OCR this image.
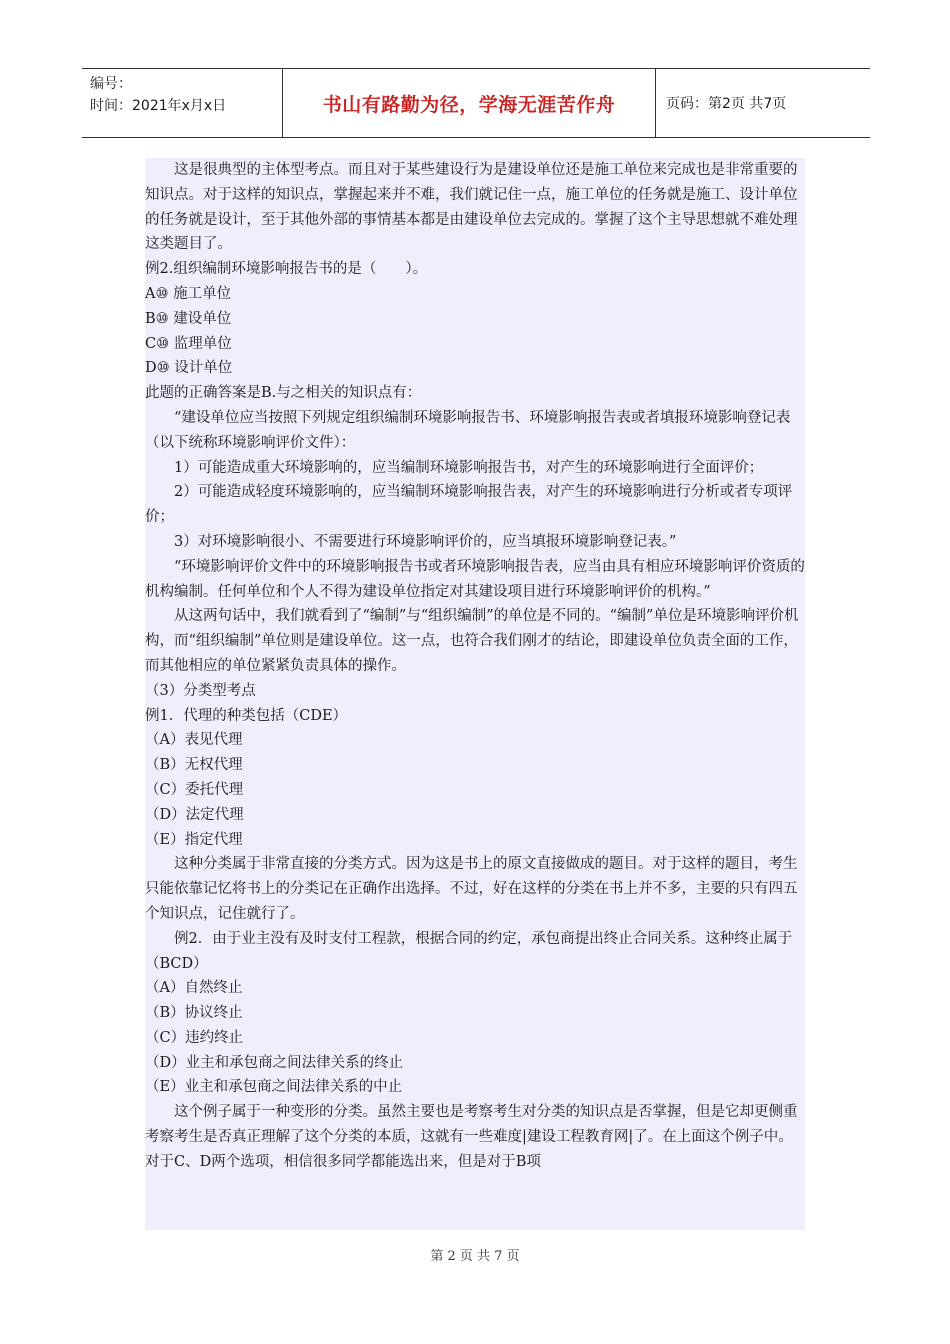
编号：
时间：2021年x月x日	书山有路勤为径，学海无涯苦作舟	页码：第2页 共7页

这是很典型的主体型考点。而且对于某些建设行为是建设单位还是施工单位来完成也是非常重要的知识点。对于这样的知识点，掌握起来并不难，我们就记住一点，施工单位的任务就是施工、设计单位的任务就是设计，至于其他外部的事情基本都是由建设单位去完成的。掌握了这个主导思想就不难处理这类题目了。

例2.组织编制环境影响报告书的是（　　）。

A⑩ 施工单位

B⑩ 建设单位

C⑩ 监理单位

D⑩ 设计单位

此题的正确答案是B.与之相关的知识点有：

“建设单位应当按照下列规定组织编制环境影响报告书、环境影响报告表或者填报环境影响登记表（以下统称环境影响评价文件）：

1）可能造成重大环境影响的，应当编制环境影响报告书，对产生的环境影响进行全面评价；

2）可能造成轻度环境影响的，应当编制环境影响报告表，对产生的环境影响进行分析或者专项评价；

3）对环境影响很小、不需要进行环境影响评价的，应当填报环境影响登记表。”

“环境影响评价文件中的环境影响报告书或者环境影响报告表，应当由具有相应环境影响评价资质的机构编制。任何单位和个人不得为建设单位指定对其建设项目进行环境影响评价的机构。”

从这两句话中，我们就看到了“编制”与“组织编制”的单位是不同的。“编制”单位是环境影响评价机构，而“组织编制”单位则是建设单位。这一点，也符合我们刚才的结论，即建设单位负责全面的工作，而其他相应的单位紧紧负责具体的操作。

（3）分类型考点

例1．代理的种类包括（CDE）

（A）表见代理

（B）无权代理

（C）委托代理

（D）法定代理

（E）指定代理

这种分类属于非常直接的分类方式。因为这是书上的原文直接做成的题目。对于这样的题目，考生只能依靠记忆将书上的分类记在正确作出选择。不过，好在这样的分类在书上并不多，主要的只有四五个知识点，记住就行了。

例2．由于业主没有及时支付工程款，根据合同的约定，承包商提出终止合同关系。这种终止属于（BCD）

（A）自然终止

（B）协议终止

（C）违约终止

（D）业主和承包商之间法律关系的终止

（E）业主和承包商之间法律关系的中止

这个例子属于一种变形的分类。虽然主要也是考察考生对分类的知识点是否掌握，但是它却更侧重考察考生是否真正理解了这个分类的本质，这就有一些难度|建设工程教育网|了。在上面这个例子中。对于C、D两个选项，相信很多同学都能选出来，但是对于B项

第 2 页 共 7 页
